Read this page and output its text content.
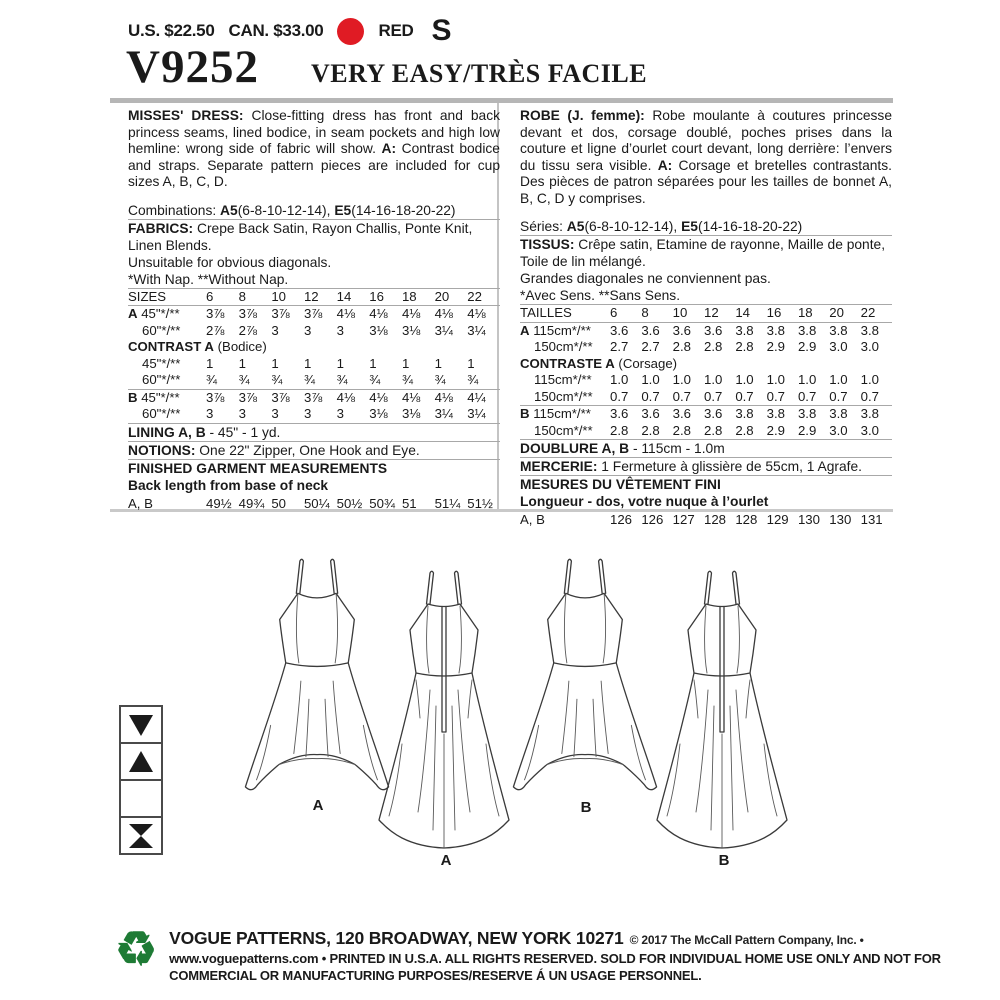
U.S. $22.50 CAN. $33.00	RED S
V9252 VERY EASY/TRÈS FACILE

MISSES' DRESS: Close-fitting dress has front and back princess seams, lined bodice, in seam pockets and high low hemline: wrong side of fabric will show. A: Contrast bodice and straps. Separate pattern pieces are included for cup sizes A, B, C, D.

Combinations: A5(6-8-10-12-14), E5(14-16-18-20-22)
FABRICS: Crepe Back Satin, Rayon Challis, Ponte Knit, Linen Blends.
Unsuitable for obvious diagonals.
*With Nap. **Without Nap.
SIZES	6	8	10	12	14	16	18	20	22
A 45"*/**	3⅞	3⅞	3⅞	3⅞	4⅛	4⅛	4⅛	4⅛	4⅛
60"*/**	2⅞	2⅞	3	3	3	3⅛	3⅛	3¼	3¼
CONTRAST A (Bodice)									
45"*/**	1	1	1	1	1	1	1	1	1
60"*/**	¾	¾	¾	¾	¾	¾	¾	¾	¾
B 45"*/**	3⅞	3⅞	3⅞	3⅞	4⅛	4⅛	4⅛	4⅛	4¼
60"*/**	3	3	3	3	3	3⅛	3⅛	3¼	3¼
LINING A, B - 45" - 1 yd.
NOTIONS: One 22" Zipper, One Hook and Eye.
FINISHED GARMENT MEASUREMENTS
Back length from base of neck
A, B	49½	49¾	50	50¼	50½	50¾	51	51¼	51½

ROBE (J. femme): Robe moulante à coutures princesse devant et dos, corsage doublé, poches prises dans la couture et ligne d’ourlet court devant, long derrière: l’envers du tissu sera visible. A: Corsage et bretelles contrastants. Des pièces de patron séparées pour les tailles de bonnet A, B, C, D y comprises.

Séries: A5(6-8-10-12-14), E5(14-16-18-20-22)
TISSUS: Crêpe satin, Etamine de rayonne, Maille de ponte, Toile de lin mélangé.
Grandes diagonales ne conviennent pas.
*Avec Sens. **Sans Sens.
TAILLES	6	8	10	12	14	16	18	20	22
A 115cm*/**	3.6	3.6	3.6	3.6	3.8	3.8	3.8	3.8	3.8
150cm*/**	2.7	2.7	2.8	2.8	2.8	2.9	2.9	3.0	3.0
CONTRASTE A (Corsage)									
115cm*/**	1.0	1.0	1.0	1.0	1.0	1.0	1.0	1.0	1.0
150cm*/**	0.7	0.7	0.7	0.7	0.7	0.7	0.7	0.7	0.7
B 115cm*/**	3.6	3.6	3.6	3.6	3.8	3.8	3.8	3.8	3.8
150cm*/**	2.8	2.8	2.8	2.8	2.8	2.9	2.9	3.0	3.0
DOUBLURE A, B - 115cm - 1.0m
MERCERIE: 1 Fermeture à glissière de 55cm, 1 Agrafe.
MESURES DU VÊTEMENT FINI
Longueur - dos, votre nuque à l’ourlet
A, B	126	126	127	128	128	129	130	130	131
A
A
B
B
♻ VOGUE PATTERNS, 120 BROADWAY, NEW YORK 10271 © 2017 The McCall Pattern Company, Inc. •
www.voguepatterns.com • PRINTED IN U.S.A. ALL RIGHTS RESERVED. SOLD FOR INDIVIDUAL HOME USE ONLY AND NOT FOR
COMMERCIAL OR MANUFACTURING PURPOSES/RESERVE Á UN USAGE PERSONNEL.
